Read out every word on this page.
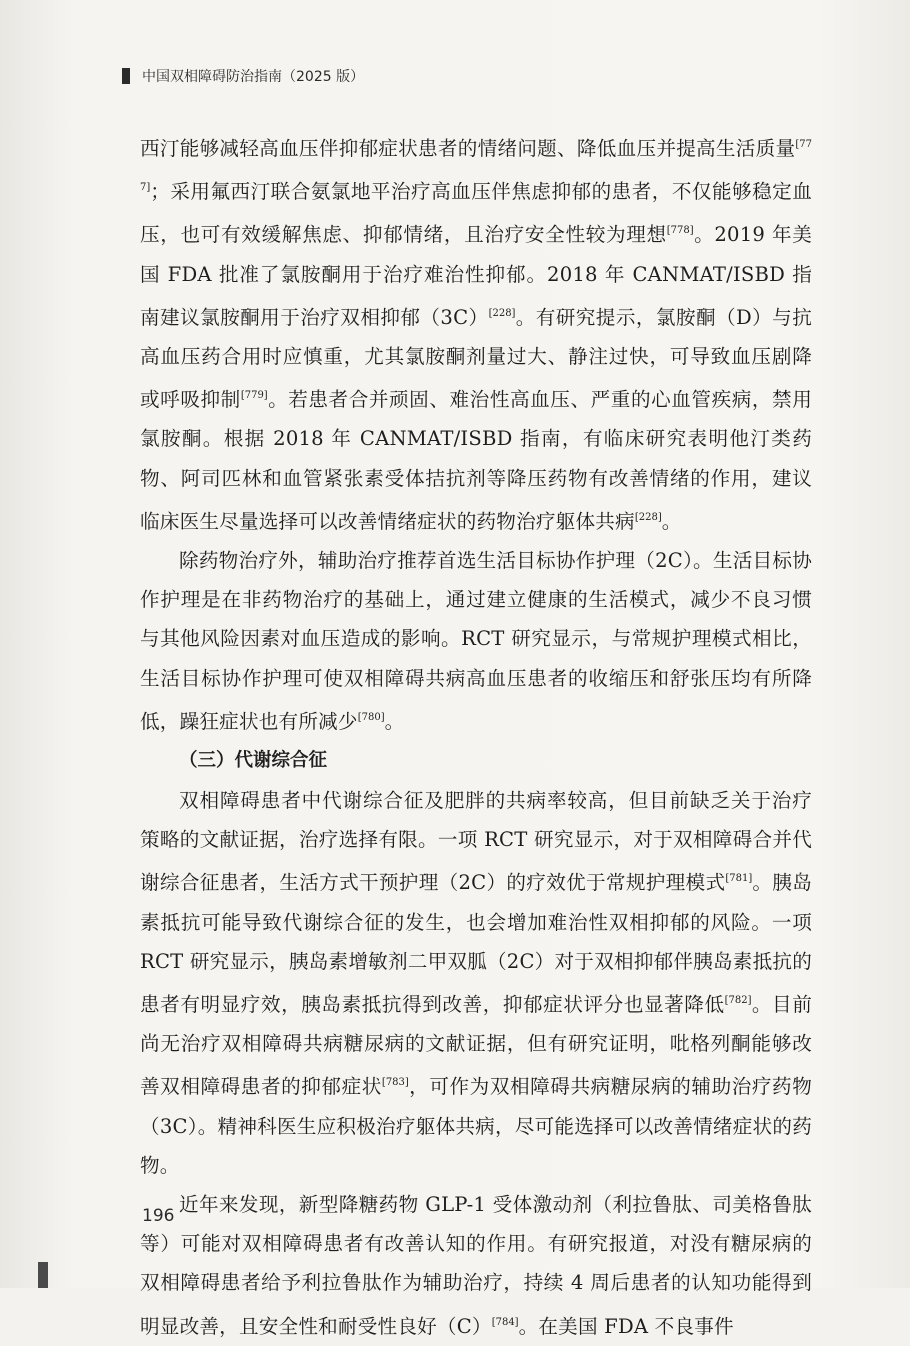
中国双相障碍防治指南（2025 版）

西汀能够减轻高血压伴抑郁症状患者的情绪问题、降低血压并提高生活质量[777]；采用氟西汀联合氨氯地平治疗高血压伴焦虑抑郁的患者，不仅能够稳定血压，也可有效缓解焦虑、抑郁情绪，且治疗安全性较为理想[778]。2019 年美国 FDA 批准了氯胺酮用于治疗难治性抑郁。2018 年 CANMAT/ISBD 指南建议氯胺酮用于治疗双相抑郁（3C）[228]。有研究提示，氯胺酮（D）与抗高血压药合用时应慎重，尤其氯胺酮剂量过大、静注过快，可导致血压剧降或呼吸抑制[779]。若患者合并顽固、难治性高血压、严重的心血管疾病，禁用氯胺酮。根据 2018 年 CANMAT/ISBD 指南，有临床研究表明他汀类药物、阿司匹林和血管紧张素受体拮抗剂等降压药物有改善情绪的作用，建议临床医生尽量选择可以改善情绪症状的药物治疗躯体共病[228]。

除药物治疗外，辅助治疗推荐首选生活目标协作护理（2C）。生活目标协作护理是在非药物治疗的基础上，通过建立健康的生活模式，减少不良习惯与其他风险因素对血压造成的影响。RCT 研究显示，与常规护理模式相比，生活目标协作护理可使双相障碍共病高血压患者的收缩压和舒张压均有所降低，躁狂症状也有所减少[780]。

（三）代谢综合征

双相障碍患者中代谢综合征及肥胖的共病率较高，但目前缺乏关于治疗策略的文献证据，治疗选择有限。一项 RCT 研究显示，对于双相障碍合并代谢综合征患者，生活方式干预护理（2C）的疗效优于常规护理模式[781]。胰岛素抵抗可能导致代谢综合征的发生，也会增加难治性双相抑郁的风险。一项 RCT 研究显示，胰岛素增敏剂二甲双胍（2C）对于双相抑郁伴胰岛素抵抗的患者有明显疗效，胰岛素抵抗得到改善，抑郁症状评分也显著降低[782]。目前尚无治疗双相障碍共病糖尿病的文献证据，但有研究证明，吡格列酮能够改善双相障碍患者的抑郁症状[783]，可作为双相障碍共病糖尿病的辅助治疗药物（3C）。精神科医生应积极治疗躯体共病，尽可能选择可以改善情绪症状的药物。

近年来发现，新型降糖药物 GLP-1 受体激动剂（利拉鲁肽、司美格鲁肽等）可能对双相障碍患者有改善认知的作用。有研究报道，对没有糖尿病的双相障碍患者给予利拉鲁肽作为辅助治疗，持续 4 周后患者的认知功能得到明显改善，且安全性和耐受性良好（C）[784]。在美国 FDA 不良事件

196
